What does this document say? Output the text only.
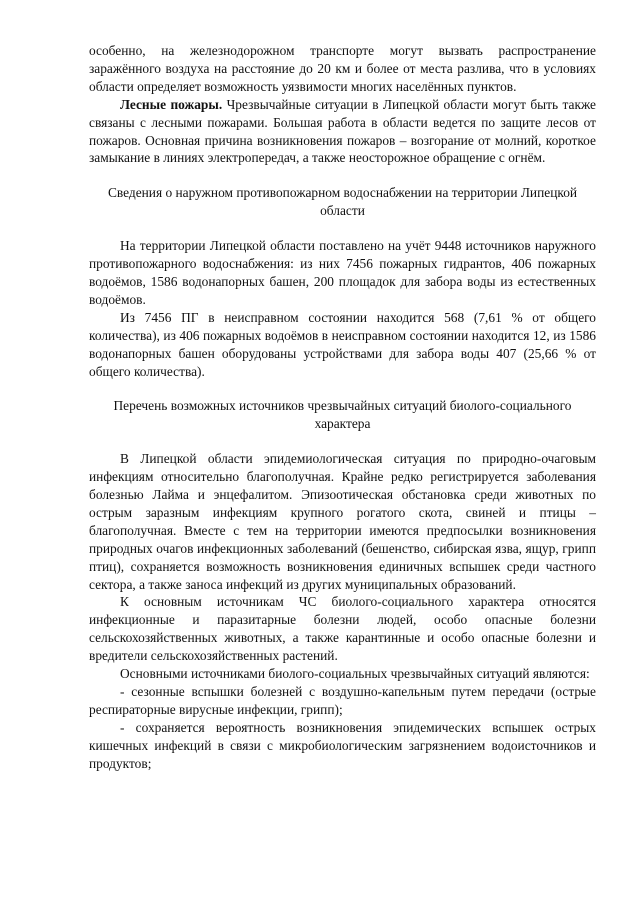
особенно, на железнодорожном транспорте могут вызвать распространение заражённого воздуха на расстояние до 20 км и более от места разлива, что в условиях области определяет возможность уязвимости многих населённых пунктов.

Лесные пожары. Чрезвычайные ситуации в Липецкой области могут быть также связаны с лесными пожарами. Большая работа в области ведется по защите лесов от пожаров. Основная причина возникновения пожаров – возгорание от молний, короткое замыкание в линиях электропередач, а также неосторожное обращение с огнём.

Сведения о наружном противопожарном водоснабжении на территории Липецкой области

На территории Липецкой области поставлено на учёт 9448 источников наружного противопожарного водоснабжения: из них 7456 пожарных гидрантов, 406 пожарных водоёмов, 1586 водонапорных башен, 200 площадок для забора воды из естественных водоёмов.

Из 7456 ПГ в неисправном состоянии находится 568 (7,61 % от общего количества), из 406 пожарных водоёмов в неисправном состоянии находится 12, из 1586 водонапорных башен оборудованы устройствами для забора воды 407 (25,66 % от общего количества).

Перечень возможных источников чрезвычайных ситуаций биолого-социального характера

В Липецкой области эпидемиологическая ситуация по природно-очаговым инфекциям относительно благополучная. Крайне редко регистрируется заболевания болезнью Лайма и энцефалитом. Эпизоотическая обстановка среди животных по острым заразным инфекциям крупного рогатого скота, свиней и птицы – благополучная. Вместе с тем на территории имеются предпосылки возникновения природных очагов инфекционных заболеваний (бешенство, сибирская язва, ящур, грипп птиц), сохраняется возможность возникновения единичных вспышек среди частного сектора, а также заноса инфекций из других муниципальных образований.

К основным источникам ЧС биолого-социального характера относятся инфекционные и паразитарные болезни людей, особо опасные болезни сельскохозяйственных животных, а также карантинные и особо опасные болезни и вредители сельскохозяйственных растений.

Основными источниками биолого-социальных чрезвычайных ситуаций являются:

- сезонные вспышки болезней с воздушно-капельным путем передачи (острые респираторные вирусные инфекции, грипп);

- сохраняется вероятность возникновения эпидемических вспышек острых кишечных инфекций в связи с микробиологическим загрязнением водоисточников и продуктов;
